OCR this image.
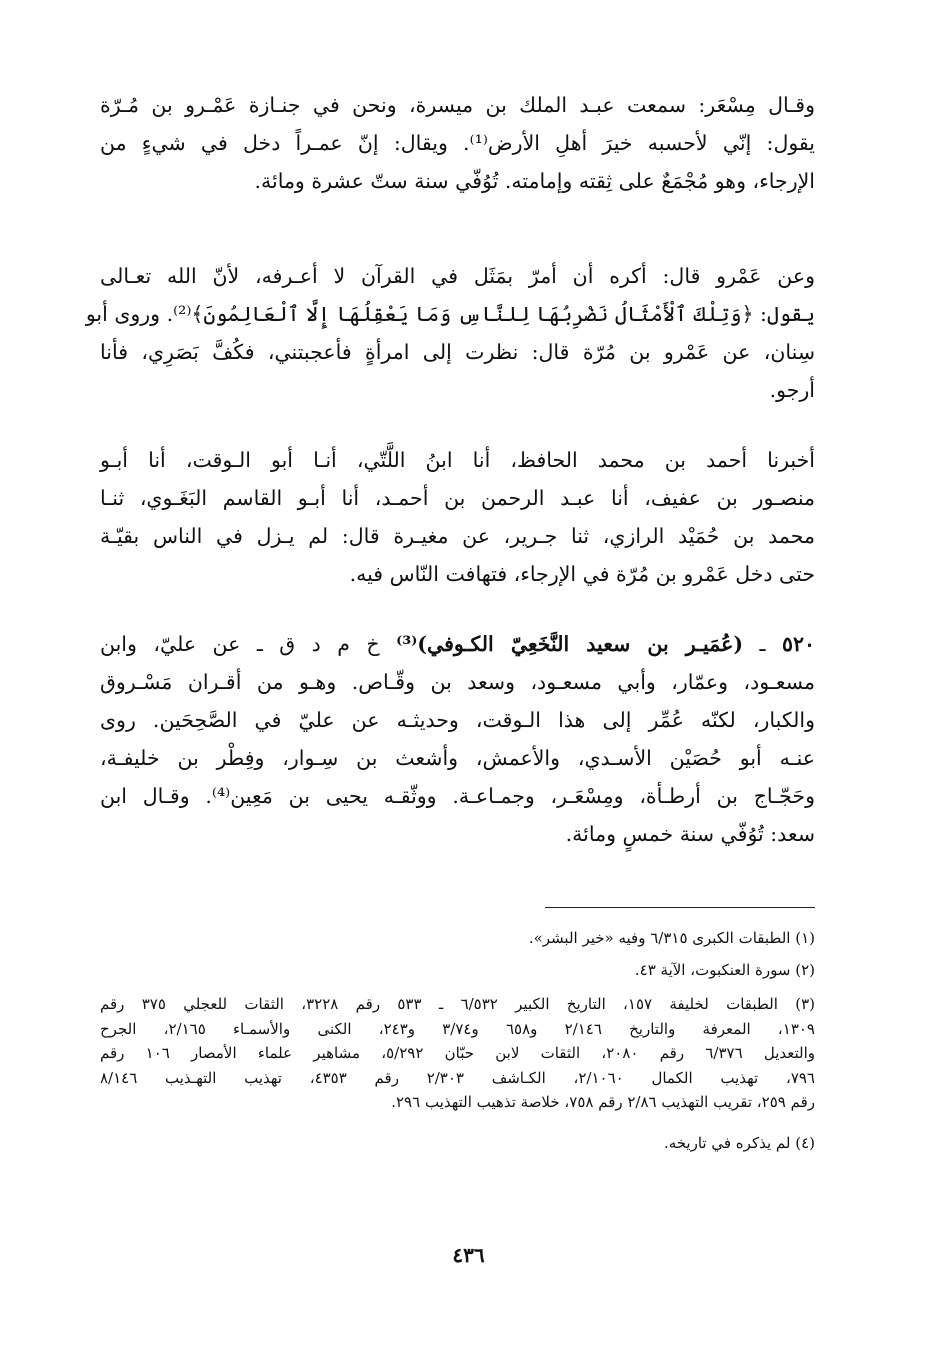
وقـال مِسْعَر: سمعت عبـد الملك بن ميسرة، ونحن في جنـازة عَمْـرو بن مُـرّة
يقول: إنّي لأحسبه خيرَ أهلِ الأرض⁽¹⁾. ويقال: إنّ عمـراً دخل في شيءٍ من
الإرجاء، وهو مُجْمَعٌ على ثِقته وإمامته. تُوُفّي سنة ستّ عشرة ومائة.
وعن عَمْرو قال: أكره أن أمرّ بمَثَل في القرآن لا أعـرفه، لأنّ الله تعـالى
يقول: ﴿وَتِلْكَ ٱلْأَمْثَالُ نَضْرِبُهَا لِلنَّاسِ وَمَا يَعْقِلُهَا إِلَّا ٱلْعَالِمُونَ﴾⁽²⁾. وروى أبو
سِنان، عن عَمْرو بن مُرّة قال: نظرت إلى امرأةٍ فأعجبتني، فكُفَّ بَصَرِي، فأنا
أرجو.
أخبرنا أحمد بن محمد الحافظ، أنا ابنُ اللَّتّي، أنـا أبو الـوقت، أنا أبـو
منصـور بن عفيف، أنا عبـد الرحمن بن أحمـد، أنا أبـو القاسم البَغَـوي، ثنـا
محمد بن حُمَيْد الرازي، ثنا جـرير، عن مغيـرة قال: لم يـزل في الناس بقيّـة
حتى دخل عَمْرو بن مُرّة في الإرجاء، فتهافت النّاس فيه.
٥٢٠ ـ (عُمَيـر بن سعيد النَّخَعِيّ الكـوفي)⁽³⁾ خ م د ق ـ عن عليّ، وابن
مسعـود، وعمّار، وأبي مسعـود، وسعد بن وقّـاص. وهـو من أقـران مَسْـروق
والكبار، لكنّه عُمِّر إلى هذا الـوقت، وحديثـه عن عليّ في الصَّحِحَين. روى
عنـه أبو حُصَيْن الأسـدي، والأعمش، وأشعث بن سِـوار، وفِطْر بن خليفـة،
وحَجّـاج بن أرطـأة، ومِسْعَـر، وجمـاعـة. ووثّقـه يحيى بن مَعِين⁽⁴⁾. وقـال ابن
سعد: تُوُفّي سنة خمسٍ ومائة.
(١) الطبقات الكبرى ٦/٣١٥ وفيه «خير البشر».
(٢) سورة العنكبوت، الآية ٤٣.
(٣) الطبقات لخليفة ١٥٧، التاريخ الكبير ٦/٥٣٢ ـ ٥٣٣ رقم ٣٢٢٨، الثقات للعجلي ٣٧٥ رقم
١٣٠٩، المعرفة والتاريخ ٢/١٤٦ و٦٥٨ و٣/٧٤ و٢٤٣، الكنى والأسمـاء ٢/١٦٥، الجرح
والتعديل ٦/٣٧٦ رقم ٢٠٨٠، الثقات لابن حبّان ٥/٢٩٢، مشاهير علماء الأمصار ١٠٦ رقم
٧٩٦، تهذيب الكمال ٢/١٠٦٠، الكـاشف ٢/٣٠٣ رقم ٤٣٥٣، تهذيب التهـذيب ٨/١٤٦
رقم ٢٥٩، تقريب التهذيب ٢/٨٦ رقم ٧٥٨، خلاصة تذهيب التهذيب ٢٩٦.
(٤) لم يذكره في تاريخه.
٤٣٦
